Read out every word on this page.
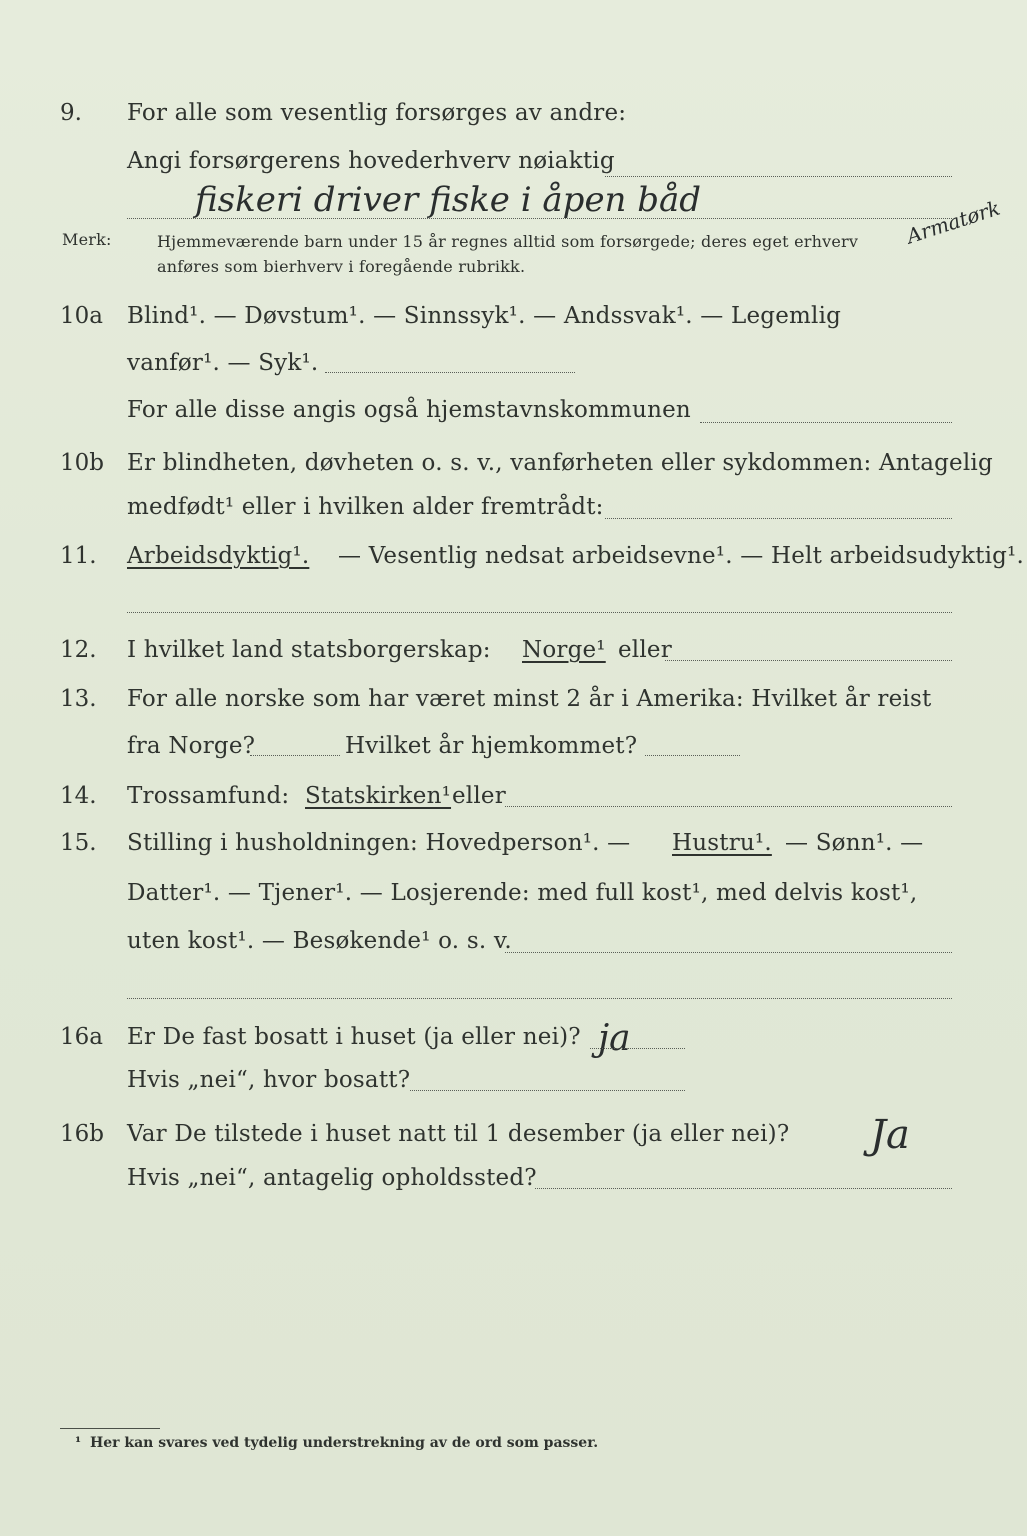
9. For alle som vesentlig forsørges av andre:
Angi forsørgerens hovederhverv nøiaktig
fiskeri driver fiske i åpen båd	Armatørk
Merk:	Hjemmeværende barn under 15 år regnes alltid som forsørgede; deres eget erhverv
anføres som bierhverv i foregående rubrikk.
10a Blind¹. — Døvstum¹. — Sinnssyk¹. — Andssvak¹. — Legemlig
vanfør¹. — Syk¹.
For alle disse angis også hjemstavnskommunen
10b Er blindheten, døvheten o. s. v., vanførheten eller sykdommen: Antagelig
medfødt¹ eller i hvilken alder fremtrådt:
11. Arbeidsdyktig¹. — Vesentlig nedsat arbeidsevne¹. — Helt arbeidsudyktig¹.
12. I hvilket land statsborgerskap: Norge¹ eller
13. For alle norske som har været minst 2 år i Amerika: Hvilket år reist
fra Norge?	Hvilket år hjemkommet?
14. Trossamfund: Statskirken¹ eller
15. Stilling i husholdningen: Hovedperson¹. — Hustru¹. — Sønn¹. —
Datter¹. — Tjener¹. — Losjerende: med full kost¹, med delvis kost¹,
uten kost¹. — Besøkende¹ o. s. v.
16a Er De fast bosatt i huset (ja eller nei)? ja
Hvis „nei“, hvor bosatt?
16b Var De tilstede i huset natt til 1 desember (ja eller nei)? Ja
Hvis „nei“, antagelig opholdssted?
¹ Her kan svares ved tydelig understrekning av de ord som passer.
